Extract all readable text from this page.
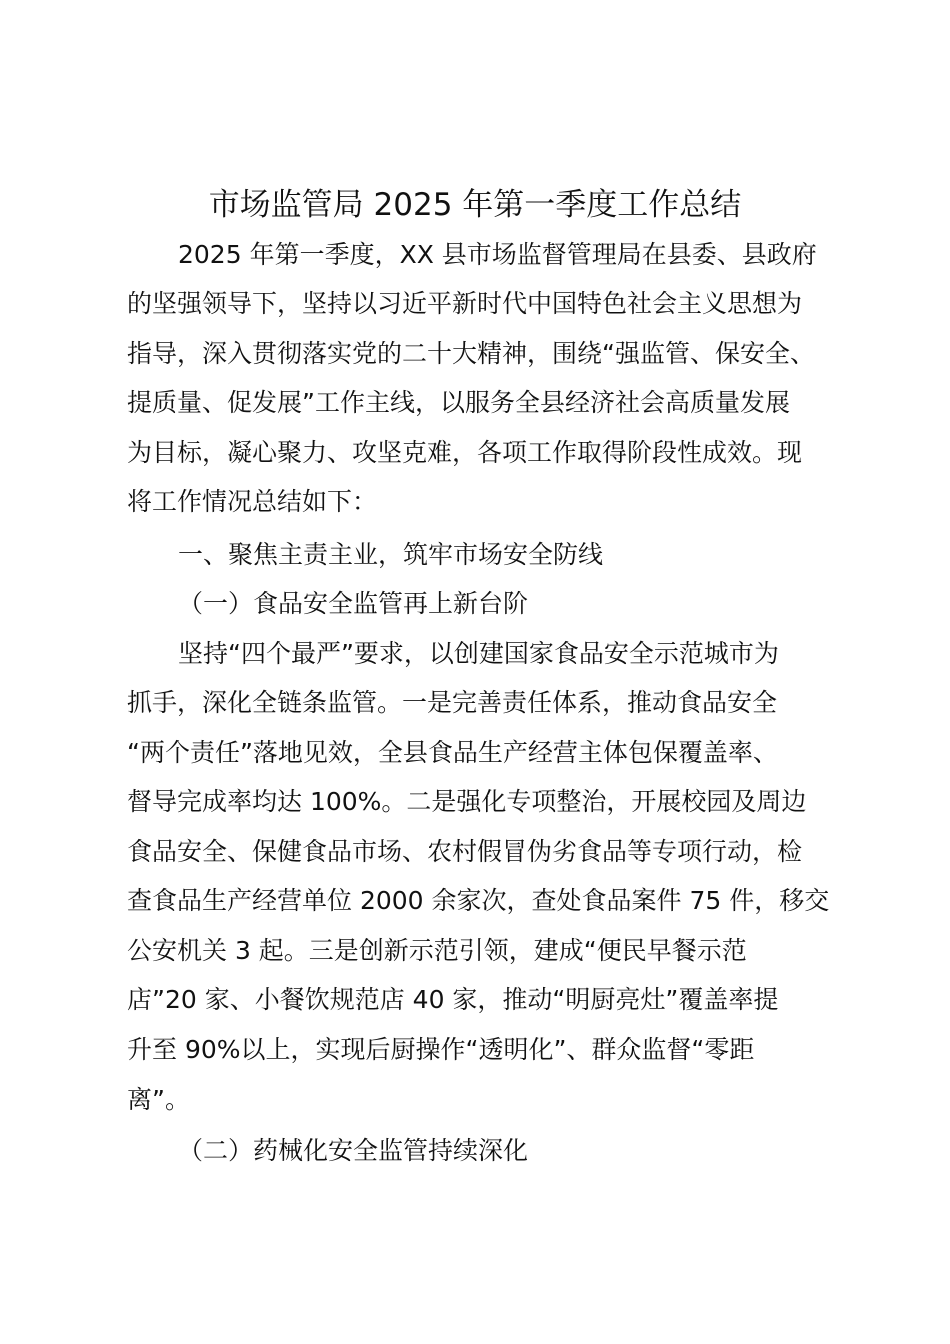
市场监管局 2025 年第一季度工作总结

2025 年第一季度，XX 县市场监督管理局在县委、县政府

的坚强领导下，坚持以习近平新时代中国特色社会主义思想为

指导，深入贯彻落实党的二十大精神，围绕“强监管、保安全、

提质量、促发展”工作主线，以服务全县经济社会高质量发展

为目标，凝心聚力、攻坚克难，各项工作取得阶段性成效。现

将工作情况总结如下：

一、聚焦主责主业，筑牢市场安全防线

（一）食品安全监管再上新台阶

坚持“四个最严”要求，以创建国家食品安全示范城市为

抓手，深化全链条监管。一是完善责任体系，推动食品安全

“两个责任”落地见效，全县食品生产经营主体包保覆盖率、

督导完成率均达 100%。二是强化专项整治，开展校园及周边

食品安全、保健食品市场、农村假冒伪劣食品等专项行动，检

查食品生产经营单位 2000 余家次，查处食品案件 75 件，移交

公安机关 3 起。三是创新示范引领，建成“便民早餐示范

店”20 家、小餐饮规范店 40 家，推动“明厨亮灶”覆盖率提

升至 90%以上，实现后厨操作“透明化”、群众监督“零距

离”。

（二）药械化安全监管持续深化
